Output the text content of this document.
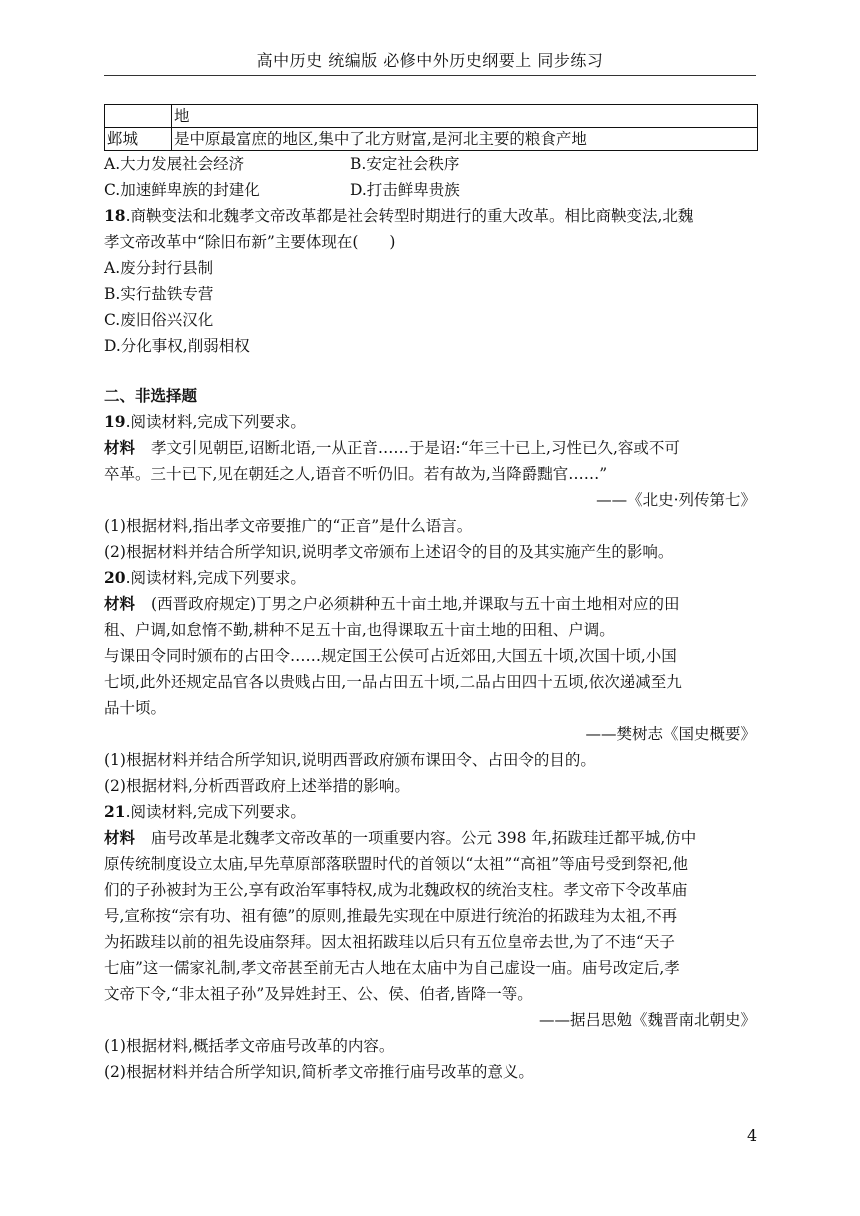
高中历史 统编版 必修中外历史纲要上 同步练习
	地
邺城	是中原最富庶的地区,集中了北方财富,是河北主要的粮食产地
A.大力发展社会经济	B.安定社会秩序
C.加速鲜卑族的封建化	D.打击鲜卑贵族
18.商鞅变法和北魏孝文帝改革都是社会转型时期进行的重大改革。相比商鞅变法,北魏
孝文帝改革中“除旧布新”主要体现在(　　)
A.废分封行县制
B.实行盐铁专营
C.废旧俗兴汉化
D.分化事权,削弱相权
二、非选择题
19.阅读材料,完成下列要求。
材料 孝文引见朝臣,诏断北语,一从正音……于是诏:“年三十已上,习性已久,容或不可
卒革。三十已下,见在朝廷之人,语音不听仍旧。若有故为,当降爵黜官……”
——《北史·列传第七》
(1)根据材料,指出孝文帝要推广的“正音”是什么语言。
(2)根据材料并结合所学知识,说明孝文帝颁布上述诏令的目的及其实施产生的影响。
20.阅读材料,完成下列要求。
材料 (西晋政府规定)丁男之户必须耕种五十亩土地,并课取与五十亩土地相对应的田
租、户调,如怠惰不勤,耕种不足五十亩,也得课取五十亩土地的田租、户调。
与课田令同时颁布的占田令……规定国王公侯可占近郊田,大国五十顷,次国十顷,小国
七顷,此外还规定品官各以贵贱占田,一品占田五十顷,二品占田四十五顷,依次递减至九
品十顷。
——樊树志《国史概要》
(1)根据材料并结合所学知识,说明西晋政府颁布课田令、占田令的目的。
(2)根据材料,分析西晋政府上述举措的影响。
21.阅读材料,完成下列要求。
材料 庙号改革是北魏孝文帝改革的一项重要内容。公元 398 年,拓跋珪迁都平城,仿中
原传统制度设立太庙,早先草原部落联盟时代的首领以“太祖”“高祖”等庙号受到祭祀,他
们的子孙被封为王公,享有政治军事特权,成为北魏政权的统治支柱。孝文帝下令改革庙
号,宣称按“宗有功、祖有德”的原则,推最先实现在中原进行统治的拓跋珪为太祖,不再
为拓跋珪以前的祖先设庙祭拜。因太祖拓跋珪以后只有五位皇帝去世,为了不违“天子
七庙”这一儒家礼制,孝文帝甚至前无古人地在太庙中为自己虚设一庙。庙号改定后,孝
文帝下令,“非太祖子孙”及异姓封王、公、侯、伯者,皆降一等。
——据吕思勉《魏晋南北朝史》
(1)根据材料,概括孝文帝庙号改革的内容。
(2)根据材料并结合所学知识,简析孝文帝推行庙号改革的意义。
4
